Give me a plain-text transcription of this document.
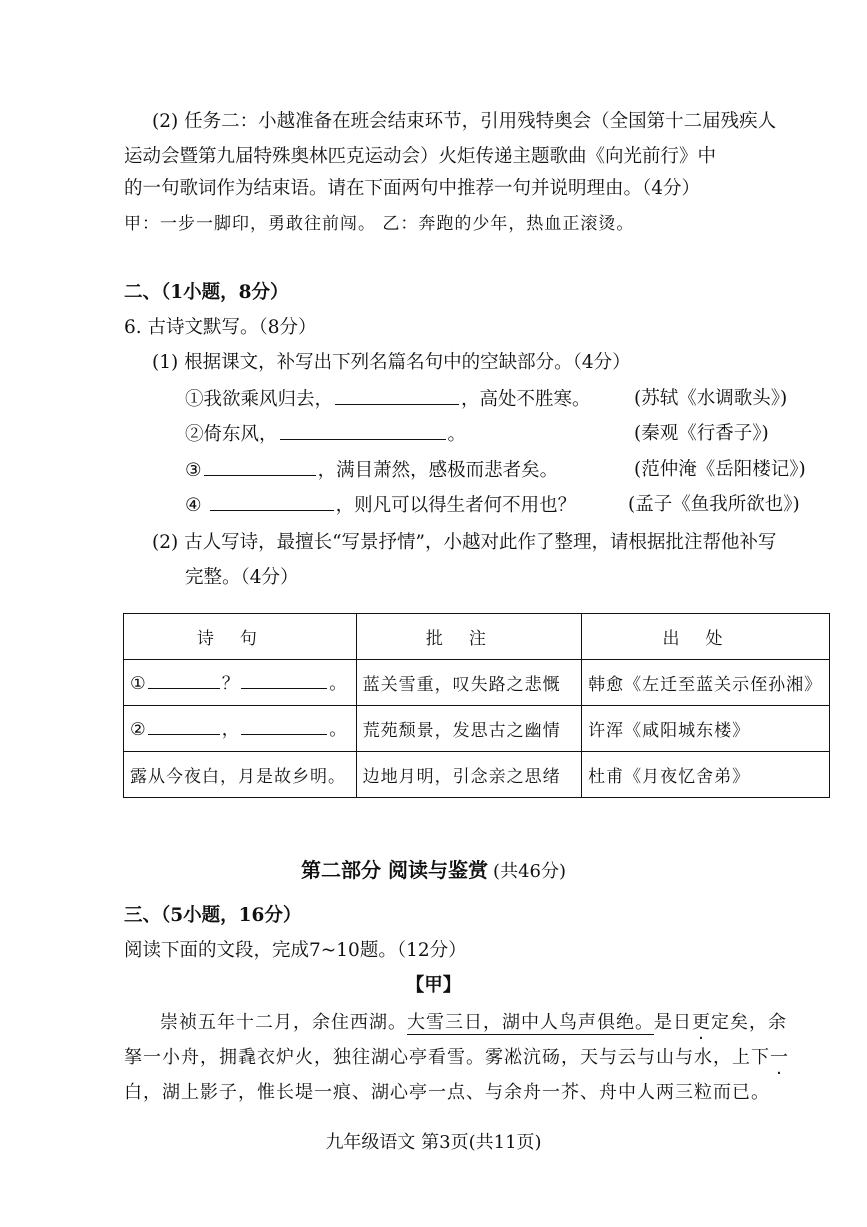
(2) 任务二：小越准备在班会结束环节，引用残特奥会（全国第十二届残疾人
运动会暨第九届特殊奥林匹克运动会）火炬传递主题歌曲《向光前行》中
的一句歌词作为结束语。请在下面两句中推荐一句并说明理由。（4分）
甲：一步一脚印，勇敢往前闯。 乙：奔跑的少年，热血正滚烫。
二、（1小题，8分）
6. 古诗文默写。（8分）
(1) 根据课文，补写出下列名篇名句中的空缺部分。（4分）
①我欲乘风归去，	，高处不胜寒。 (苏轼《水调歌头》)
②倚东风，	。	(秦观《行香子》)
③	，满目萧然，感极而悲者矣。	(范仲淹《岳阳楼记》)
④	，则凡可以得生者何不用也？	(孟子《鱼我所欲也》)
(2) 古人写诗，最擅长“写景抒情”，小越对此作了整理，请根据批注帮他补写
完整。（4分）
诗句	批注	出处
① ？ 。	蓝关雪重，叹失路之悲慨	韩愈《左迁至蓝关示侄孙湘》
② ， 。	荒苑颓景，发思古之幽情	许浑《咸阳城东楼》
露从今夜白，月是故乡明。	边地月明，引念亲之思绪	杜甫《月夜忆舍弟》
第二部分 阅读与鉴赏 (共46分)
三、（5小题，16分）
阅读下面的文段，完成7~10题。（12分）
【甲】
崇祯五年十二月，余住西湖。大雪三日，湖中人鸟声俱绝。是日更定矣，余
拏一小舟，拥毳衣炉火，独往湖心亭看雪。雾凇沆砀，天与云与山与水，上下一
白，湖上影子，惟长堤一痕、湖心亭一点、与余舟一芥、舟中人两三粒而已。
九年级语文 第3页(共11页)
